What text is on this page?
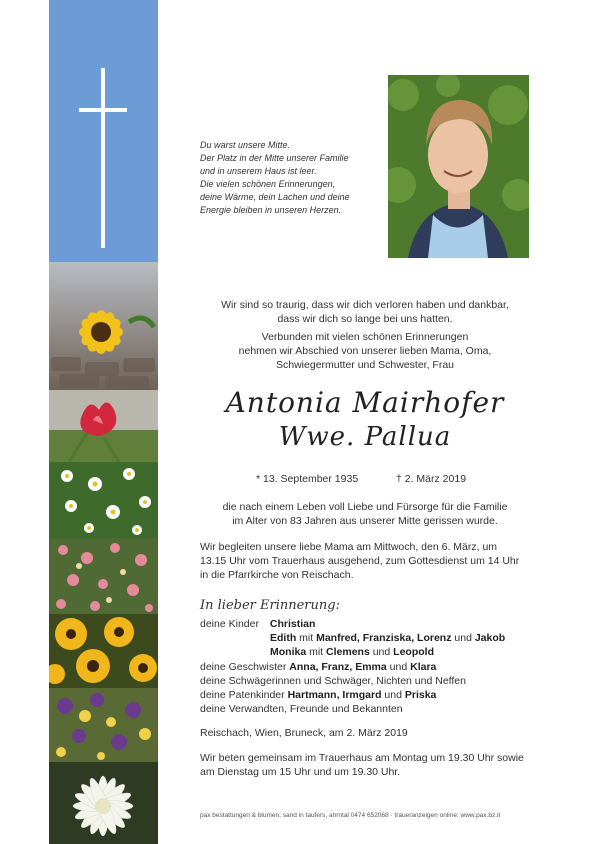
Du warst unsere Mitte.
Der Platz in der Mitte unserer Familie
und in unserem Haus ist leer.
Die vielen schönen Erinnerungen,
deine Wärme, dein Lachen und deine
Energie bleiben in unseren Herzen.
Wir sind so traurig, dass wir dich verloren haben und dankbar,
dass wir dich so lange bei uns hatten.
Verbunden mit vielen schönen Erinnerungen
nehmen wir Abschied von unserer lieben Mama, Oma,
Schwiegermutter und Schwester, Frau
Antonia Mairhofer
Wwe. Pallua
* 13. September 1935	† 2. März 2019
die nach einem Leben voll Liebe und Fürsorge für die Familie
im Alter von 83 Jahren aus unserer Mitte gerissen wurde.
Wir begleiten unsere liebe Mama am Mittwoch, den 6. März, um
13.15 Uhr vom Trauerhaus ausgehend, zum Gottesdienst um 14 Uhr
in die Pfarrkirche von Reischach.
In lieber Erinnerung:
deine Kinder Christian
Edith mit Manfred, Franziska, Lorenz und Jakob
Monika mit Clemens und Leopold
deine Geschwister Anna, Franz, Emma und Klara
deine Schwägerinnen und Schwäger, Nichten und Neffen
deine Patenkinder Hartmann, Irmgard und Priska
deine Verwandten, Freunde und Bekannten
Reischach, Wien, Bruneck, am 2. März 2019
Wir beten gemeinsam im Trauerhaus am Montag um 19.30 Uhr sowie
am Dienstag um 15 Uhr und um 19.30 Uhr.
pax bestattungen & blumen, sand in taufers, ahrntal 0474 652068 · traueranzeigen online: www.pax.bz.it
